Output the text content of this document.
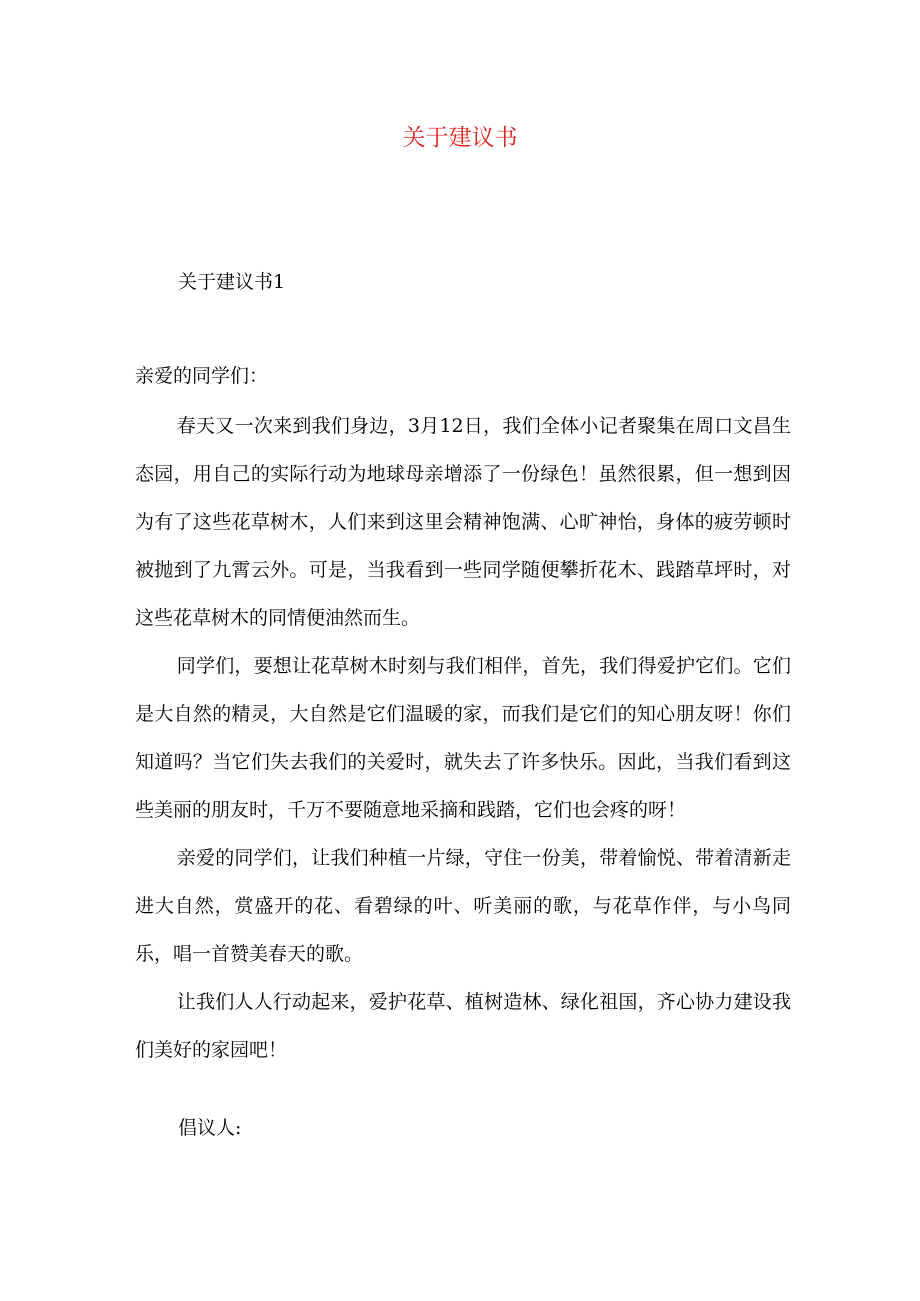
关于建议书

关于建议书1

亲爱的同学们：

春天又一次来到我们身边，3月12日，我们全体小记者聚集在周口文昌生态园，用自己的实际行动为地球母亲增添了一份绿色！虽然很累，但一想到因为有了这些花草树木，人们来到这里会精神饱满、心旷神怡，身体的疲劳顿时被抛到了九霄云外。可是，当我看到一些同学随便攀折花木、践踏草坪时，对这些花草树木的同情便油然而生。

同学们，要想让花草树木时刻与我们相伴，首先，我们得爱护它们。它们是大自然的精灵，大自然是它们温暖的家，而我们是它们的知心朋友呀！你们知道吗？当它们失去我们的关爱时，就失去了许多快乐。因此，当我们看到这些美丽的朋友时，千万不要随意地采摘和践踏，它们也会疼的呀！

亲爱的同学们，让我们种植一片绿，守住一份美，带着愉悦、带着清新走进大自然，赏盛开的花、看碧绿的叶、听美丽的歌，与花草作伴，与小鸟同乐，唱一首赞美春天的歌。

让我们人人行动起来，爱护花草、植树造林、绿化祖国，齐心协力建设我们美好的家园吧！

倡议人:
